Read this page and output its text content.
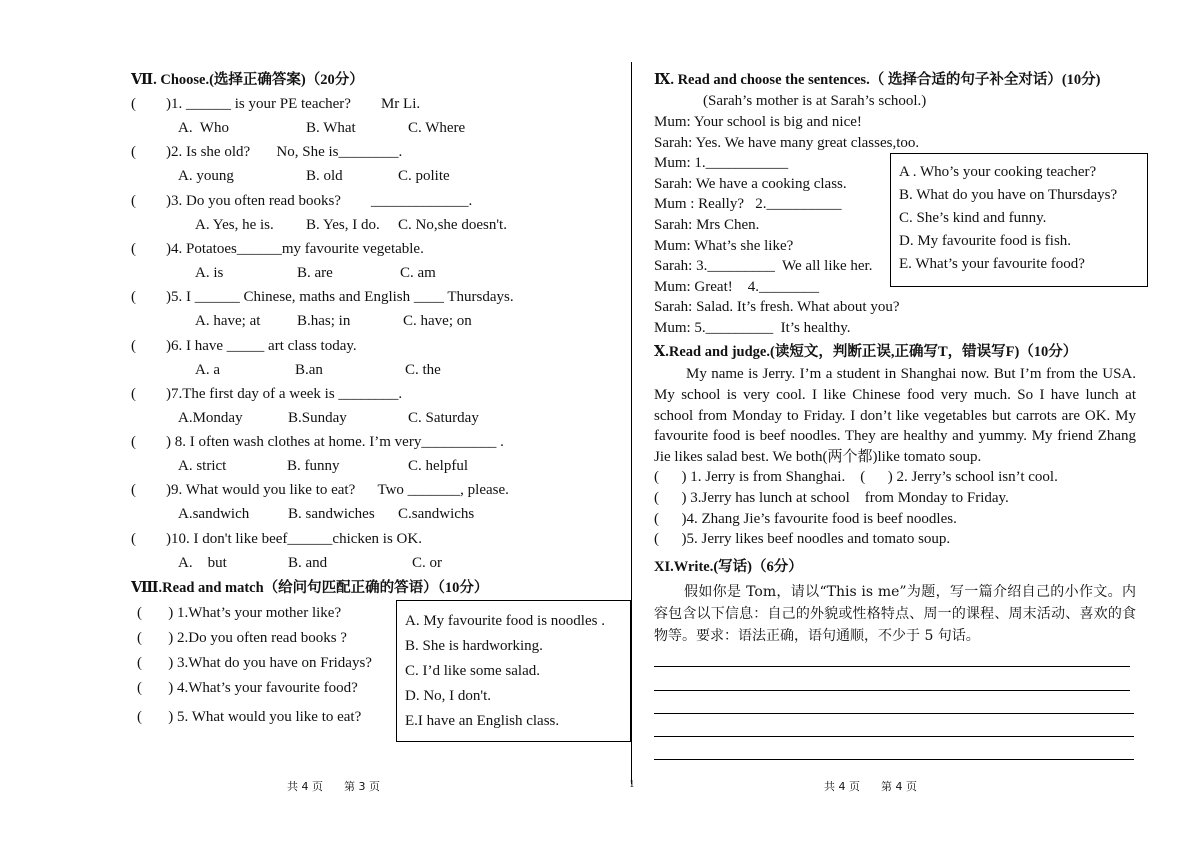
Ⅶ. Choose.(选择正确答案)（20分）
(        )1. ______ is your PE teacher?        Mr Li.
A.  Who	B. What	C. Where
(        )2. Is she old?       No, She is________.
A. young	B. old	C. polite
(        )3. Do you often read books?        _____________.
A. Yes, he is. B. Yes, I do. C. No,she doesn't.
(        )4. Potatoes______my favourite vegetable.
A. is	B. are	C. am
(        )5. I ______ Chinese, maths and English ____ Thursdays.
A. have; at B.has; in	C. have; on
(        )6. I have _____ art class today.
A. a	B.an	C. the
(        )7.The first day of a week is ________.
A.Monday	B.Sunday	C. Saturday
(        ) 8. I often wash clothes at home. I’m very__________ .
A. strict	B. funny	C. helpful
(        )9. What would you like to eat?      Two _______, please.
A.sandwich	B. sandwiches C.sandwichs
(        )10. I don't like beef______chicken is OK.
A.    but	B. and	C. or
Ⅷ.Read and match（给问句匹配正确的答语）（10分）
(       ) 1.What’s your mother like?
(       ) 2.Do you often read books ?
(       ) 3.What do you have on Fridays?
(       ) 4.What’s your favourite food?
(       ) 5. What would you like to eat?
A. My favourite food is noodles .
B. She is hardworking.
C. I’d like some salad.
D. No, I don't.
E.I have an English class.
Ⅸ. Read and choose the sentences.（ 选择合适的句子补全对话）(10分)
(Sarah’s mother is at Sarah’s school.)
Mum: Your school is big and nice!
Sarah: Yes. We have many great classes,too.
Mum: 1.___________
Sarah: We have a cooking class.
Mum : Really?   2.__________
Sarah: Mrs Chen.
Mum: What’s she like?
Sarah: 3._________  We all like her.
Mum: Great!    4.________
Sarah: Salad. It’s fresh. What about you?
Mum: 5._________  It’s healthy.
A . Who’s your cooking teacher?
B. What do you have on Thursdays?
C. She’s kind and funny.
D. My favourite food is fish.
E. What’s your favourite food?
Ⅹ.Read and judge.(读短文，判断正误,正确写T，错误写F)（10分）
My name is Jerry. I’m a student in Shanghai now. But I’m from the USA. My school is very cool. I like Chinese food very much. So I have lunch at school from Monday to Friday. I don’t like vegetables but carrots are OK. My favourite food is beef noodles. They are healthy and yummy. My friend Zhang Jie likes salad best. We both(两个都)like tomato soup.
(      ) 1. Jerry is from Shanghai.    (      ) 2. Jerry’s school isn’t cool.
(      ) 3.Jerry has lunch at school    from Monday to Friday.
(      )4. Zhang Jie’s favourite food is beef noodles.
(      )5. Jerry likes beef noodles and tomato soup.
XI.Write.(写话)（6分）
假如你是 Tom，请以“This is me”为题，写一篇介绍自己的小作文。内容包含以下信息：自己的外貌或性格特点、周一的课程、周末活动、喜欢的食物等。要求：语法正确，语句通顺，不少于 5 句话。
共 4 页      第 3 页	1	共 4 页      第 4 页
